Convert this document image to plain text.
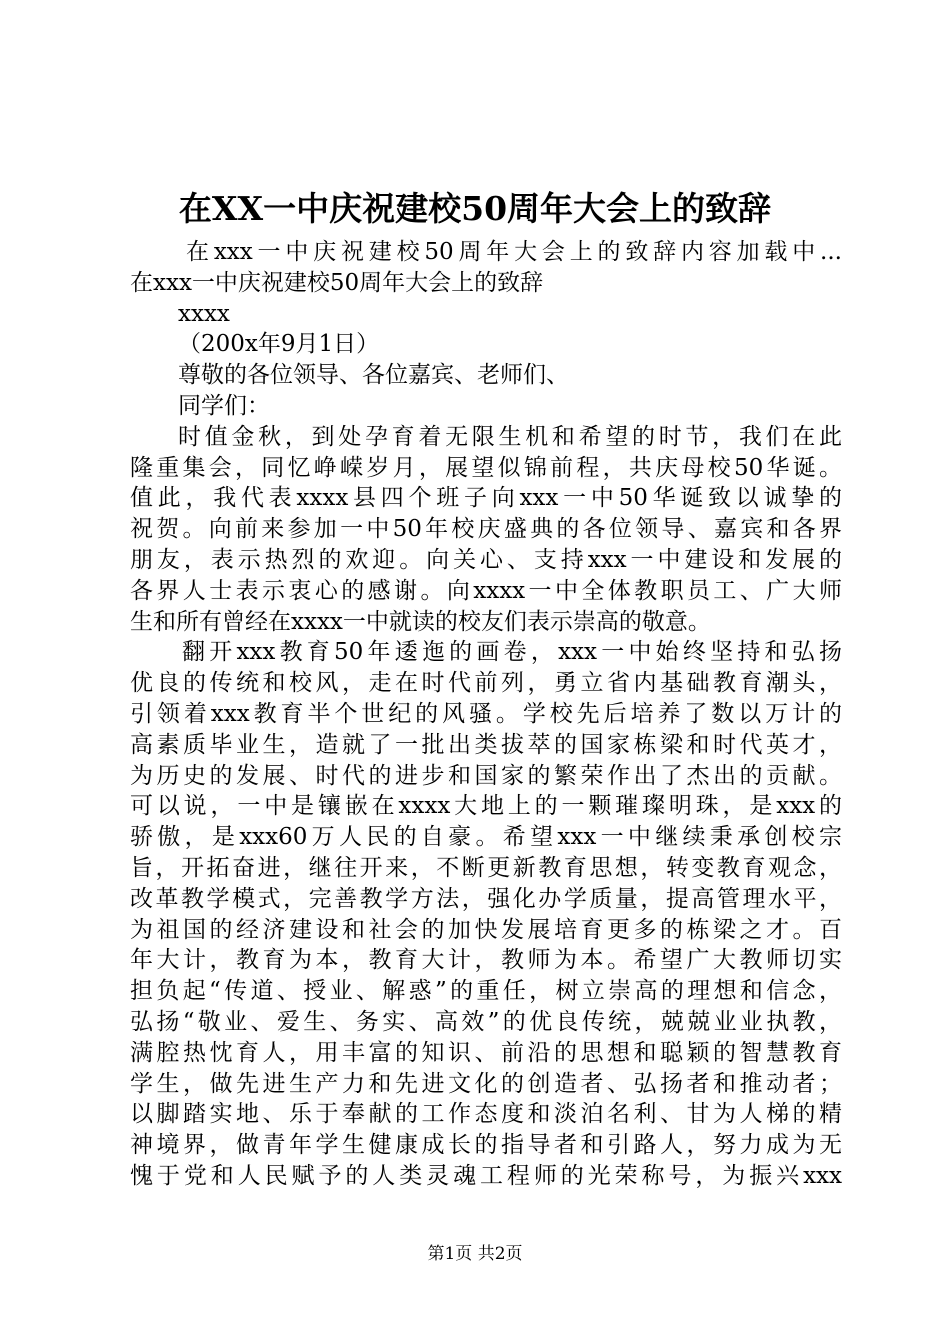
在XX一中庆祝建校50周年大会上的致辞
在xxx一中庆祝建校50周年大会上的致辞内容加载中...
在xxx一中庆祝建校50周年大会上的致辞
xxxx
（200x年9月1日）
尊敬的各位领导、各位嘉宾、老师们、
同学们：
时值金秋，到处孕育着无限生机和希望的时节，我们在此
隆重集会，同忆峥嵘岁月，展望似锦前程，共庆母校50华诞。
值此，我代表xxxx县四个班子向xxx一中50华诞致以诚挚的
祝贺。向前来参加一中50年校庆盛典的各位领导、嘉宾和各界
朋友，表示热烈的欢迎。向关心、支持xxx一中建设和发展的
各界人士表示衷心的感谢。向xxxx一中全体教职员工、广大师
生和所有曾经在xxxx一中就读的校友们表示崇高的敬意。
翻开xxx教育50年逶迤的画卷，xxx一中始终坚持和弘扬
优良的传统和校风，走在时代前列，勇立省内基础教育潮头，
引领着xxx教育半个世纪的风骚。学校先后培养了数以万计的
高素质毕业生，造就了一批出类拔萃的国家栋梁和时代英才，
为历史的发展、时代的进步和国家的繁荣作出了杰出的贡献。
可以说，一中是镶嵌在xxxx大地上的一颗璀璨明珠，是xxx的
骄傲，是xxx60万人民的自豪。希望xxx一中继续秉承创校宗
旨，开拓奋进，继往开来，不断更新教育思想，转变教育观念，
改革教学模式，完善教学方法，强化办学质量，提高管理水平，
为祖国的经济建设和社会的加快发展培育更多的栋梁之才。百
年大计，教育为本，教育大计，教师为本。希望广大教师切实
担负起“传道、授业、解惑”的重任，树立崇高的理想和信念，
弘扬“敬业、爱生、务实、高效”的优良传统，兢兢业业执教，
满腔热忱育人，用丰富的知识、前沿的思想和聪颖的智慧教育
学生，做先进生产力和先进文化的创造者、弘扬者和推动者；
以脚踏实地、乐于奉献的工作态度和淡泊名利、甘为人梯的精
神境界，做青年学生健康成长的指导者和引路人，努力成为无
愧于党和人民赋予的人类灵魂工程师的光荣称号，为振兴xxx
第1页 共2页
